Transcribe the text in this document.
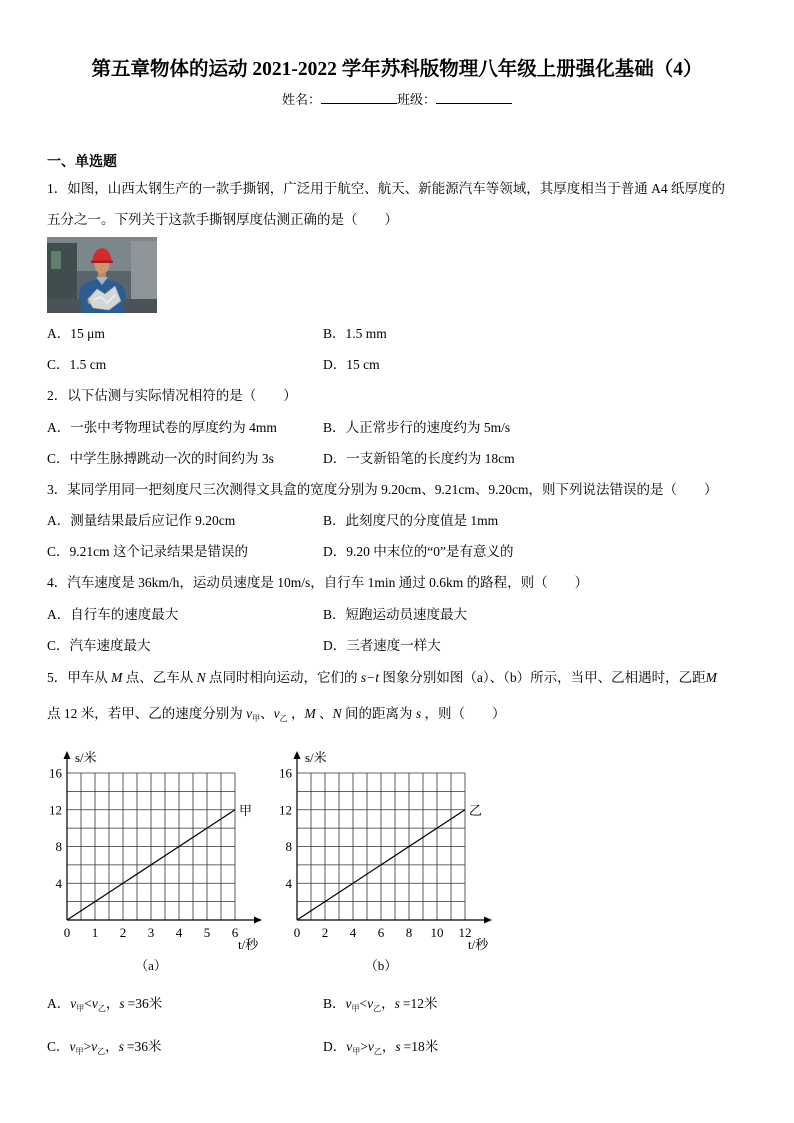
第五章物体的运动 2021-2022 学年苏科版物理八年级上册强化基础（4）
姓名：	班级：
一、单选题
1．如图，山西太钢生产的一款手撕钢，广泛用于航空、航天、新能源汽车等领域，其厚度相当于普通 A4 纸厚度的
五分之一。下列关于这款手撕钢厚度估测正确的是（　　）
A．15 μm	B．1.5 mm
C．1.5 cm	D．15 cm
2．以下估测与实际情况相符的是（　　）
A．一张中考物理试卷的厚度约为 4mm	B．人正常步行的速度约为 5m/s
C．中学生脉搏跳动一次的时间约为 3s	D．一支新铅笔的长度约为 18cm
3．某同学用同一把刻度尺三次测得文具盒的宽度分别为 9.20cm、9.21cm、9.20cm，则下列说法错误的是（　　）
A．测量结果最后应记作 9.20cm	B．此刻度尺的分度值是 1mm
C．9.21cm 这个记录结果是错误的	D．9.20 中末位的“0”是有意义的
4．汽车速度是 36km/h，运动员速度是 10m/s，自行车 1min 通过 0.6km 的路程，则（　　）
A．自行车的速度最大	B．短跑运动员速度最大
C．汽车速度最大	D．三者速度一样大
5．甲车从 M 点、乙车从 N 点同时相向运动，它们的 s−t 图象分别如图（a）、（b）所示，当甲、乙相遇时，乙距M
点 12 米，若甲、乙的速度分别为 $v_甲$、$v_乙$ ，M 、N 间的距离为 s ，则（　　）
0 1 2 3 4 5 6
4
8
12
16
s/米
t/秒
（a）
甲
0 2 4 6 8 10 12
4
8
12
16
s/米
t/秒
（b）
乙
A．$v_甲<v_乙$，s =36米	B．$v_甲<v_乙$，s =12米
C．$v_甲>v_乙$，s =36米	D．$v_甲>v_乙$，s =18米
